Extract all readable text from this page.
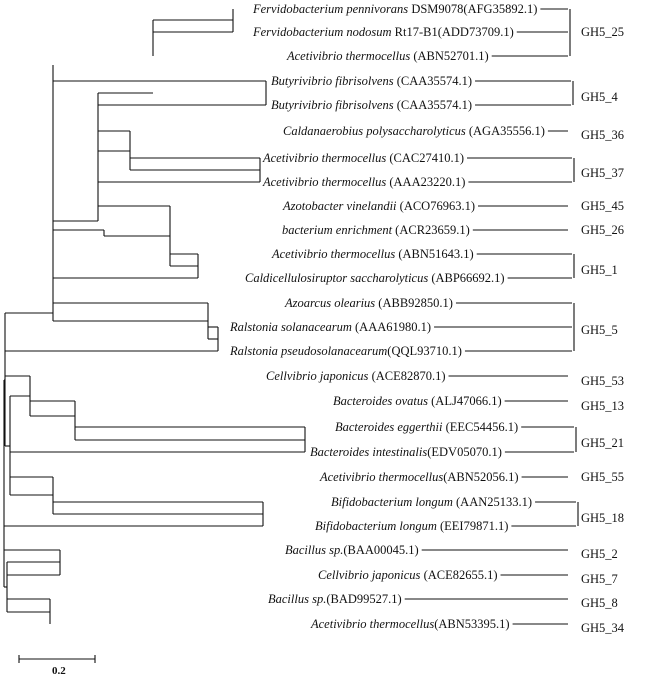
Fervidobacterium pennivorans DSM9078(AFG35892.1)
Fervidobacterium nodosum Rt17-B1(ADD73709.1)
Acetivibrio thermocellus (ABN52701.1)
Butyrivibrio fibrisolvens (CAA35574.1)
Butyrivibrio fibrisolvens (CAA35574.1)
Caldanaerobius polysaccharolyticus (AGA35556.1)
Acetivibrio thermocellus (CAC27410.1)
Acetivibrio thermocellus (AAA23220.1)
Azotobacter vinelandii (ACO76963.1)
bacterium enrichment (ACR23659.1)
Acetivibrio thermocellus (ABN51643.1)
Caldicellulosiruptor saccharolyticus (ABP66692.1)
Azoarcus olearius (ABB92850.1)
Ralstonia solanacearum (AAA61980.1)
Ralstonia pseudosolanacearum(QQL93710.1)
Cellvibrio japonicus (ACE82870.1)
Bacteroides ovatus (ALJ47066.1)
Bacteroides eggerthii (EEC54456.1)
Bacteroides intestinalis(EDV05070.1)
Acetivibrio thermocellus(ABN52056.1)
Bifidobacterium longum (AAN25133.1)
Bifidobacterium longum (EEI79871.1)
Bacillus sp.(BAA00045.1)
Cellvibrio japonicus (ACE82655.1)
Bacillus sp.(BAD99527.1)
Acetivibrio thermocellus(ABN53395.1)
GH5_25
GH5_4
GH5_36
GH5_37
GH5_45
GH5_26
GH5_1
GH5_5
GH5_53
GH5_13
GH5_21
GH5_55
GH5_18
GH5_2
GH5_7
GH5_8
GH5_34
0.2
